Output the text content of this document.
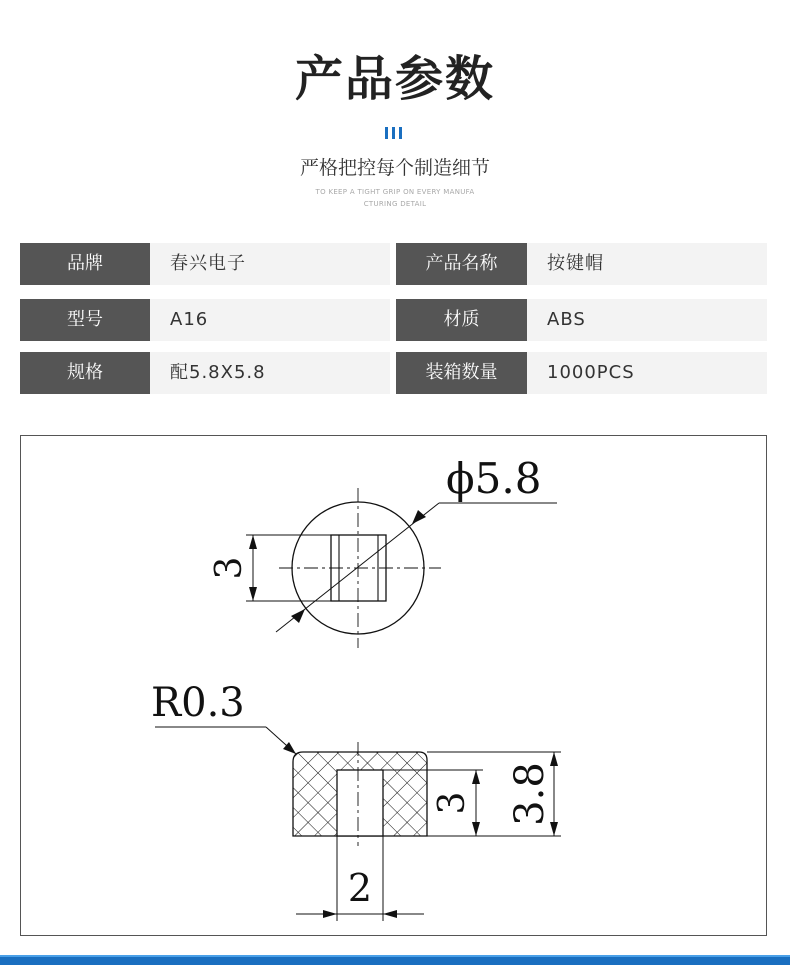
产品参数
严格把控每个制造细节
TO KEEP A TIGHT GRIP ON EVERY MANUFA
CTURING DETAIL
品牌	春兴电子	产品名称	按键帽
型号	A16	材质	ABS
规格	配5.8X5.8	装箱数量	1000PCS
3
ϕ5.8
R0.3
3 3.8
2
